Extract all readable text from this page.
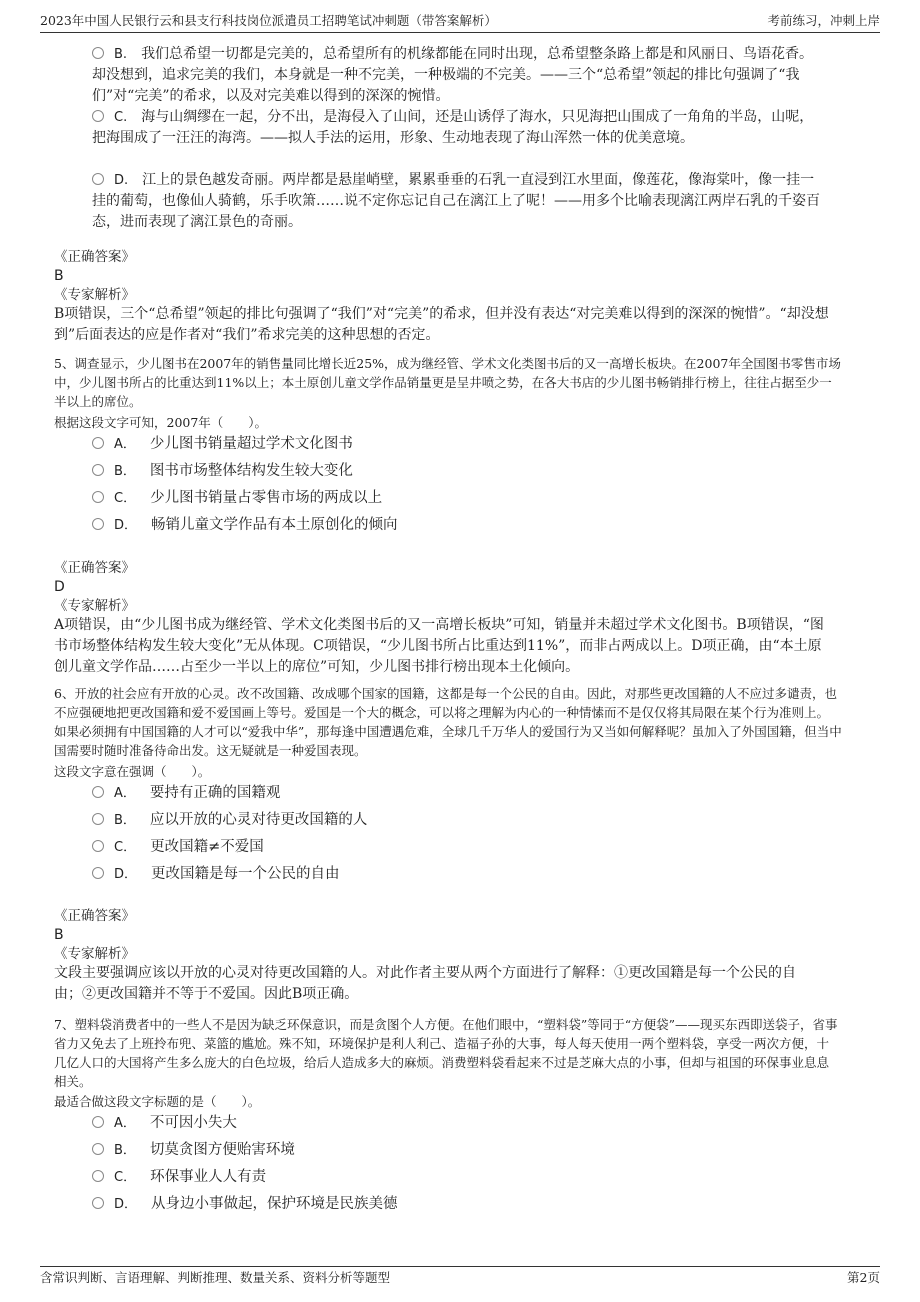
2023年中国人民银行云和县支行科技岗位派遣员工招聘笔试冲刺题（带答案解析）	考前练习，冲刺上岸
B. 我们总希望一切都是完美的，总希望所有的机缘都能在同时出现，总希望整条路上都是和风丽日、鸟语花香。
却没想到，追求完美的我们，本身就是一种不完美，一种极端的不完美。——三个“总希望”领起的排比句强调了“我
们”对“完美”的希求，以及对完美难以得到的深深的惋惜。
C. 海与山绸缪在一起，分不出，是海侵入了山间，还是山诱俘了海水，只见海把山围成了一角角的半岛，山呢，
把海围成了一汪汪的海湾。——拟人手法的运用，形象、生动地表现了海山浑然一体的优美意境。
D. 江上的景色越发奇丽。两岸都是悬崖峭壁，累累垂垂的石乳一直浸到江水里面，像莲花，像海棠叶，像一挂一
挂的葡萄，也像仙人骑鹤，乐手吹箫……说不定你忘记自己在漓江上了呢！——用多个比喻表现漓江两岸石乳的千姿百
态，进而表现了漓江景色的奇丽。
《正确答案》
B
《专家解析》
B项错误，三个“总希望”领起的排比句强调了“我们”对“完美”的希求，但并没有表达“对完美难以得到的深深的惋惜”。“却没想
到”后面表达的应是作者对“我们”希求完美的这种思想的否定。
5、调查显示，少儿图书在2007年的销售量同比增长近25%，成为继经管、学术文化类图书后的又一高增长板块。在2007年全国图书零售市场
中，少儿图书所占的比重达到11%以上；本土原创儿童文学作品销量更是呈井喷之势，在各大书店的少儿图书畅销排行榜上，往往占据至少一
半以上的席位。
根据这段文字可知，2007年（　　）。
A． 少儿图书销量超过学术文化图书
B． 图书市场整体结构发生较大变化
C． 少儿图书销量占零售市场的两成以上
D． 畅销儿童文学作品有本土原创化的倾向
《正确答案》
D
《专家解析》
A项错误，由“少儿图书成为继经管、学术文化类图书后的又一高增长板块”可知，销量并未超过学术文化图书。B项错误，“图
书市场整体结构发生较大变化”无从体现。C项错误，“少儿图书所占比重达到11%”，而非占两成以上。D项正确，由“本土原
创儿童文学作品……占至少一半以上的席位”可知，少儿图书排行榜出现本土化倾向。
6、开放的社会应有开放的心灵。改不改国籍、改成哪个国家的国籍，这都是每一个公民的自由。因此，对那些更改国籍的人不应过多谴责，也
不应强硬地把更改国籍和爱不爱国画上等号。爱国是一个大的概念，可以将之理解为内心的一种情愫而不是仅仅将其局限在某个行为准则上。
如果必须拥有中国国籍的人才可以“爱我中华”，那每逢中国遭遇危难，全球几千万华人的爱国行为又当如何解释呢？虽加入了外国国籍，但当中
国需要时随时准备待命出发。这无疑就是一种爱国表现。
这段文字意在强调（　　）。
A． 要持有正确的国籍观
B． 应以开放的心灵对待更改国籍的人
C． 更改国籍≠不爱国
D． 更改国籍是每一个公民的自由
《正确答案》
B
《专家解析》
文段主要强调应该以开放的心灵对待更改国籍的人。对此作者主要从两个方面进行了解释：①更改国籍是每一个公民的自
由；②更改国籍并不等于不爱国。因此B项正确。
7、塑料袋消费者中的一些人不是因为缺乏环保意识，而是贪图个人方便。在他们眼中，“塑料袋”等同于“方便袋”——现买东西即送袋子，省事
省力又免去了上班拎布兜、菜篮的尴尬。殊不知，环境保护是利人利己、造福子孙的大事，每人每天使用一两个塑料袋，享受一两次方便，十
几亿人口的大国将产生多么庞大的白色垃圾，给后人造成多大的麻烦。消费塑料袋看起来不过是芝麻大点的小事，但却与祖国的环保事业息息
相关。
最适合做这段文字标题的是（　　）。
A． 不可因小失大
B． 切莫贪图方便贻害环境
C． 环保事业人人有责
D． 从身边小事做起，保护环境是民族美德
含常识判断、言语理解、判断推理、数量关系、资料分析等题型	第2页
